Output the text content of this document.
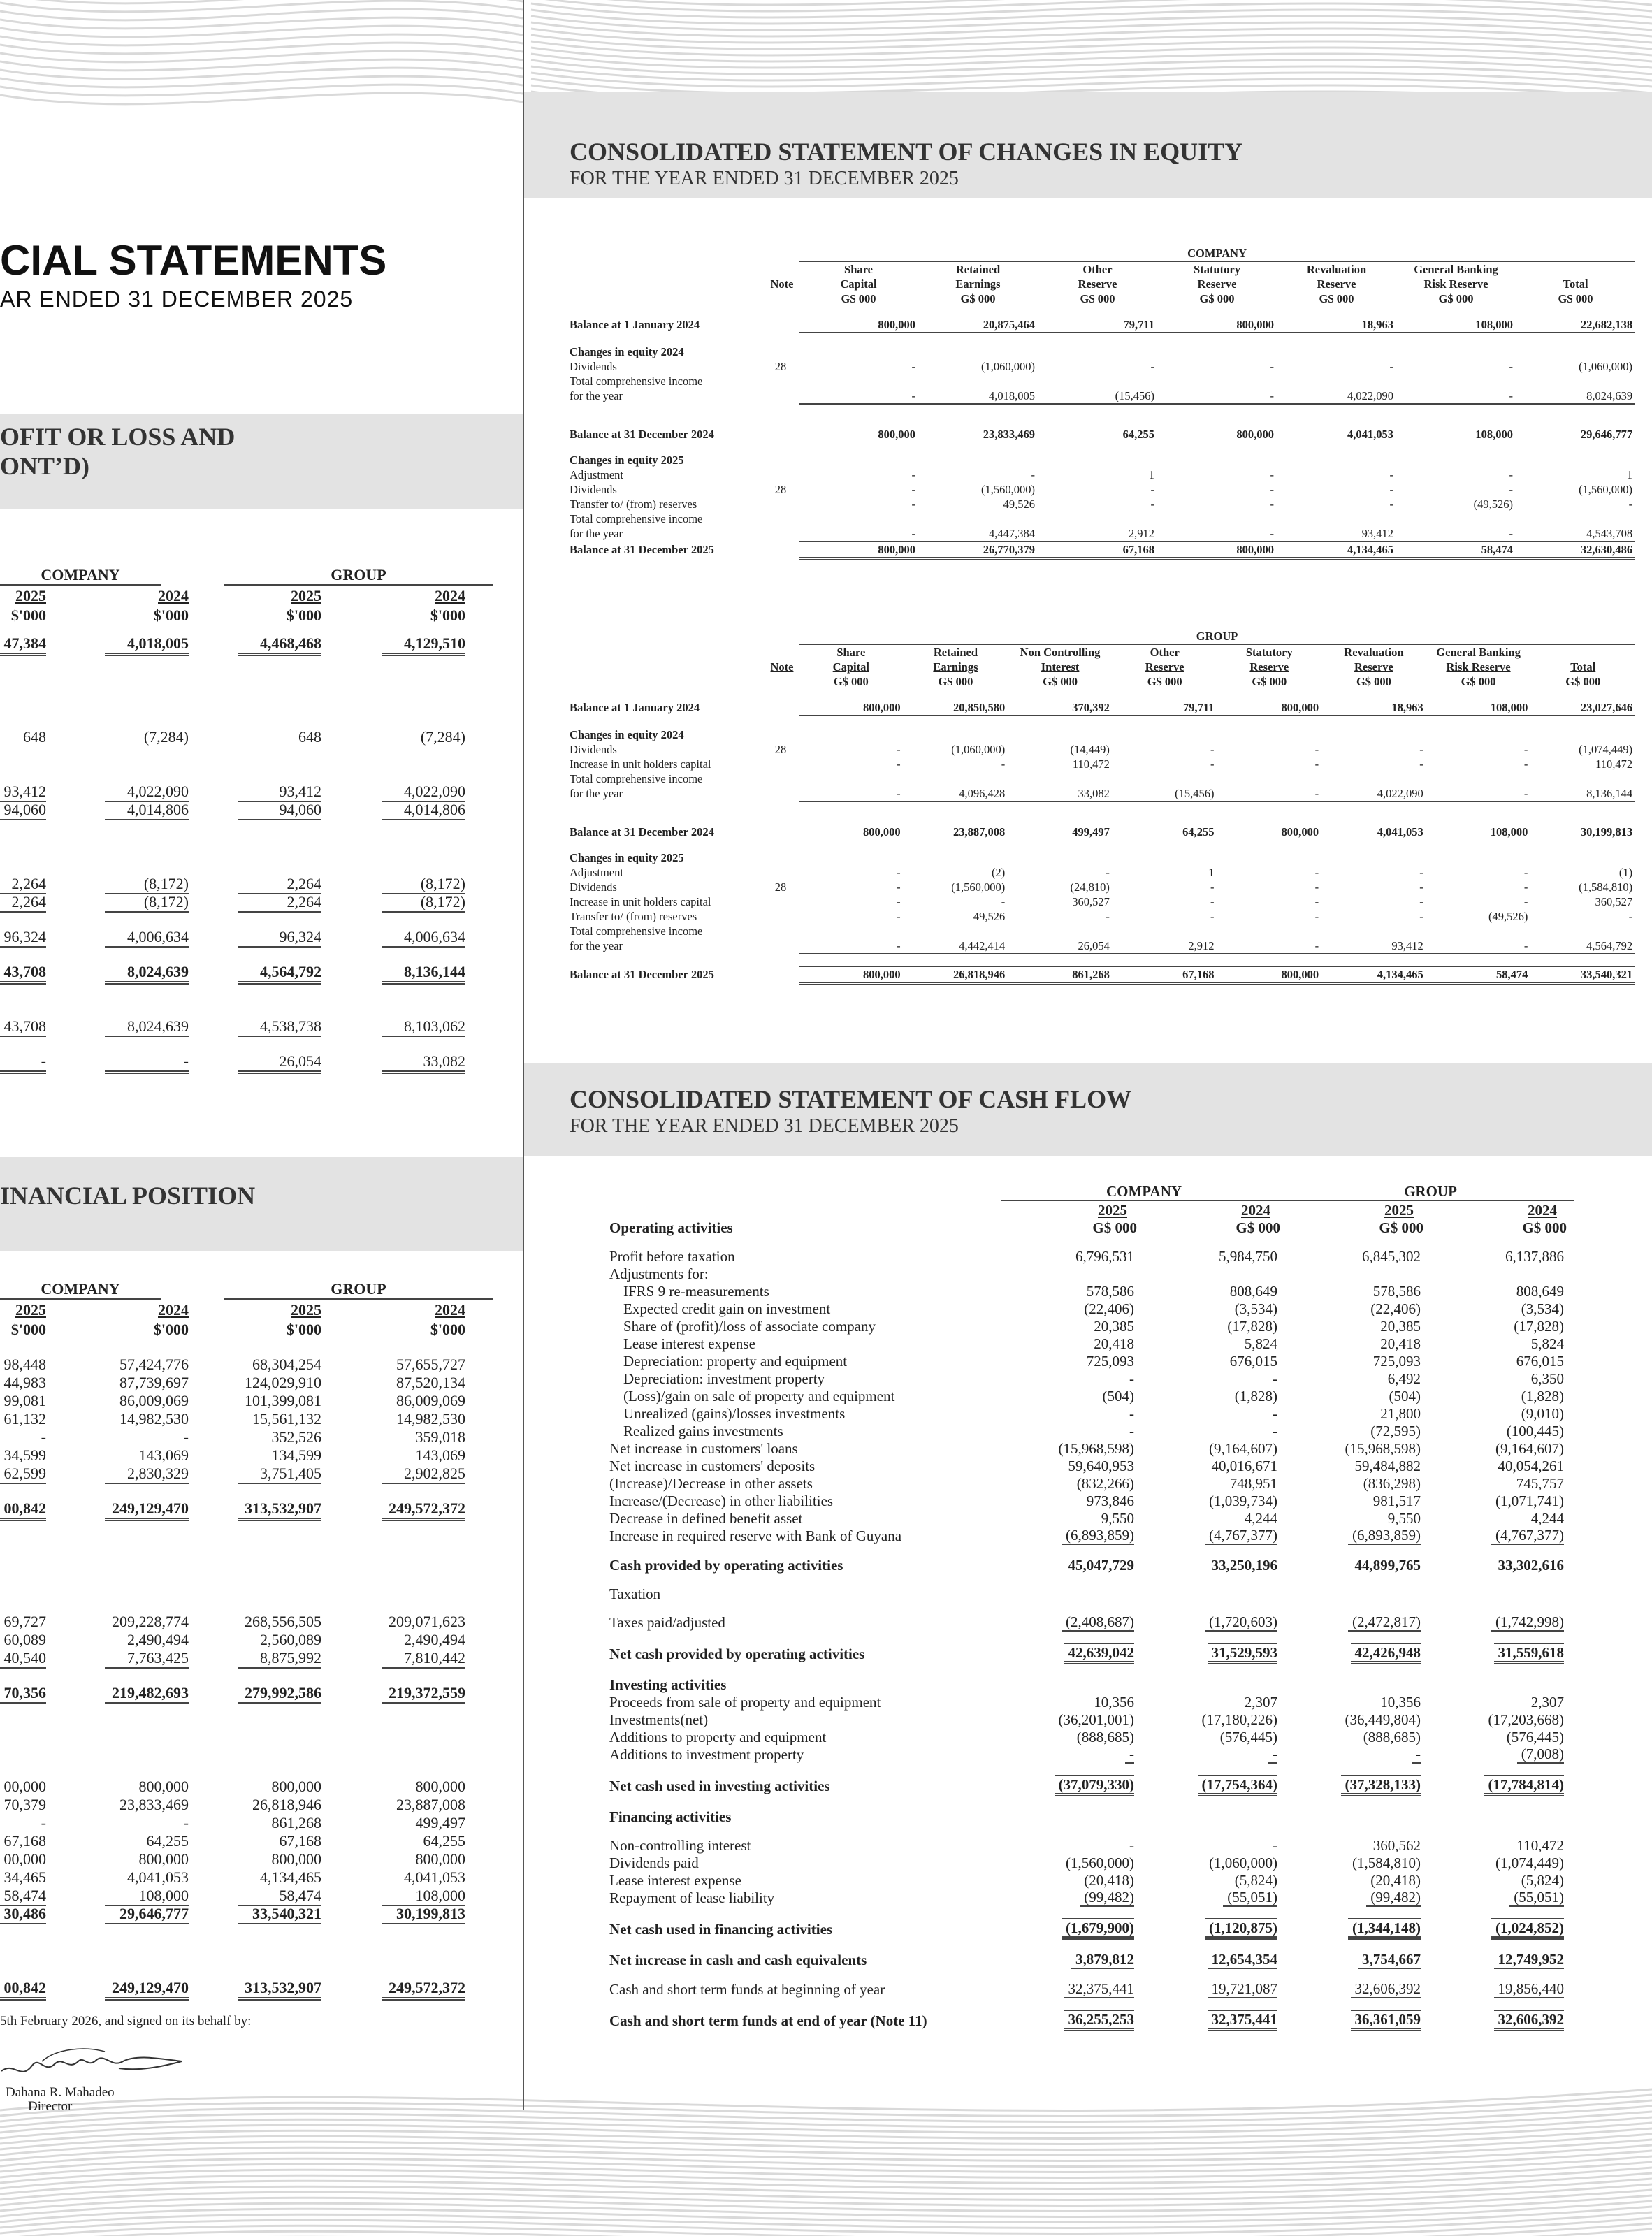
CIAL STATEMENTS
AR ENDED 31 DECEMBER 2025
OFIT OR LOSS AND
ONT’D)
INANCIAL POSITION
COMPANY	GROUP
2025	2024	2025	2024
$'000	$'000	$'000	$'000
47,384	4,018,005	4,468,468	4,129,510
648	(7,284)	648	(7,284)
93,412	4,022,090	93,412	4,022,090
94,060	4,014,806	94,060	4,014,806
2,264	(8,172)	2,264	(8,172)
2,264	(8,172)	2,264	(8,172)
96,324	4,006,634	96,324	4,006,634
43,708	8,024,639	4,564,792	8,136,144
43,708	8,024,639	4,538,738	8,103,062
-	-	26,054	33,082
COMPANY	GROUP
2025	2024	2025	2024
$'000	$'000	$'000	$'000
98,448	57,424,776	68,304,254	57,655,727
44,983	87,739,697	124,029,910	87,520,134
99,081	86,009,069	101,399,081	86,009,069
61,132	14,982,530	15,561,132	14,982,530
-	-	352,526	359,018
34,599	143,069	134,599	143,069
62,599	2,830,329	3,751,405	2,902,825
00,842	249,129,470	313,532,907	249,572,372
69,727	209,228,774	268,556,505	209,071,623
60,089	2,490,494	2,560,089	2,490,494
40,540	7,763,425	8,875,992	7,810,442
70,356	219,482,693	279,992,586	219,372,559
00,000	800,000	800,000	800,000
70,379	23,833,469	26,818,946	23,887,008
-	-	861,268	499,497
67,168	64,255	67,168	64,255
00,000	800,000	800,000	800,000
34,465	4,041,053	4,134,465	4,041,053
58,474	108,000	58,474	108,000
30,486	29,646,777	33,540,321	30,199,813
00,842	249,129,470	313,532,907	249,572,372
5th February 2026, and signed on its behalf by:
Dahana R. Mahadeo
Director
CONSOLIDATED STATEMENT OF CHANGES IN EQUITY
FOR THE YEAR ENDED 31 DECEMBER 2025
		COMPANY						
		Share	Retained	Other	Statutory	Revaluation	General Banking	
	Note	Capital	Earnings	Reserve	Reserve	Reserve	Risk Reserve	Total
		G$ 000	G$ 000	G$ 000	G$ 000	G$ 000	G$ 000	G$ 000

Balance at 1 January 2024		800,000	20,875,464	79,711	800,000	18,963	108,000	22,682,138

Changes in equity 2024								
Dividends	28	-	(1,060,000)	-	-	-	-	(1,060,000)
Total comprehensive income								
for the year		-	4,018,005	(15,456)	-	4,022,090	-	8,024,639

Balance at 31 December 2024		800,000	23,833,469	64,255	800,000	4,041,053	108,000	29,646,777

Changes in equity 2025								
Adjustment		-	-	1	-	-	-	1
Dividends	28	-	(1,560,000)	-	-	-	-	(1,560,000)
Transfer to/ (from) reserves		-	49,526	-	-	-	(49,526)	-
Total comprehensive income								
for the year		-	4,447,384	2,912	-	93,412	-	4,543,708
Balance at 31 December 2025		800,000	26,770,379	67,168	800,000	4,134,465	58,474	32,630,486
		GROUP							
		Share	Retained	Non Controlling	Other	Statutory	Revaluation	General Banking	
	Note	Capital	Earnings	Interest	Reserve	Reserve	Reserve	Risk Reserve	Total
		G$ 000	G$ 000	G$ 000	G$ 000	G$ 000	G$ 000	G$ 000	G$ 000

Balance at 1 January 2024		800,000	20,850,580	370,392	79,711	800,000	18,963	108,000	23,027,646

Changes in equity 2024									
Dividends	28	-	(1,060,000)	(14,449)	-	-	-	-	(1,074,449)
Increase in unit holders capital		-	-	110,472	-	-	-	-	110,472
Total comprehensive income									
for the year		-	4,096,428	33,082	(15,456)	-	4,022,090	-	8,136,144

Balance at 31 December 2024		800,000	23,887,008	499,497	64,255	800,000	4,041,053	108,000	30,199,813

Changes in equity 2025									
Adjustment		-	(2)	-	1	-	-	-	(1)
Dividends	28	-	(1,560,000)	(24,810)	-	-	-	-	(1,584,810)
Increase in unit holders capital		-	-	360,527	-	-	-	-	360,527
Transfer to/ (from) reserves		-	49,526	-	-	-	-	(49,526)	-
Total comprehensive income									
for the year		-	4,442,414	26,054	2,912	-	93,412	-	4,564,792

Balance at 31 December 2025		800,000	26,818,946	861,268	67,168	800,000	4,134,465	58,474	33,540,321
CONSOLIDATED STATEMENT OF CASH FLOW
FOR THE YEAR ENDED 31 DECEMBER 2025
	COMPANY		GROUP	
	2025	2024	2025	2024
Operating activities	G$ 000	G$ 000	G$ 000	G$ 000

Profit before taxation	6,796,531	5,984,750	6,845,302	6,137,886
Adjustments for:				
IFRS 9 re-measurements	578,586	808,649	578,586	808,649
Expected credit gain on investment	(22,406)	(3,534)	(22,406)	(3,534)
Share of (profit)/loss of associate company	20,385	(17,828)	20,385	(17,828)
Lease interest expense	20,418	5,824	20,418	5,824
Depreciation: property and equipment	725,093	676,015	725,093	676,015
Depreciation: investment property	-	-	6,492	6,350
(Loss)/gain on sale of property and equipment	(504)	(1,828)	(504)	(1,828)
Unrealized (gains)/losses investments	-	-	21,800	(9,010)
Realized gains investments	-	-	(72,595)	(100,445)
Net increase in customers' loans	(15,968,598)	(9,164,607)	(15,968,598)	(9,164,607)
Net increase in customers' deposits	59,640,953	40,016,671	59,484,882	40,054,261
(Increase)/Decrease in other assets	(832,266)	748,951	(836,298)	745,757
Increase/(Decrease) in other liabilities	973,846	(1,039,734)	981,517	(1,071,741)
Decrease in defined benefit asset	9,550	4,244	9,550	4,244
Increase in required reserve with Bank of Guyana	(6,893,859)	(4,767,377)	(6,893,859)	(4,767,377)

Cash provided by operating activities	45,047,729	33,250,196	44,899,765	33,302,616

Taxation				

Taxes paid/adjusted	(2,408,687)	(1,720,603)	(2,472,817)	(1,742,998)

Net cash provided by operating activities	42,639,042	31,529,593	42,426,948	31,559,618

Investing activities				
Proceeds from sale of property and equipment	10,356	2,307	10,356	2,307
Investments(net)	(36,201,001)	(17,180,226)	(36,449,804)	(17,203,668)
Additions to property and equipment	(888,685)	(576,445)	(888,685)	(576,445)
Additions to investment property	-	-	-	(7,008)

Net cash used in investing activities	(37,079,330)	(17,754,364)	(37,328,133)	(17,784,814)

Financing activities				

Non-controlling interest	-	-	360,562	110,472
Dividends paid	(1,560,000)	(1,060,000)	(1,584,810)	(1,074,449)
Lease interest expense	(20,418)	(5,824)	(20,418)	(5,824)
Repayment of lease liability	(99,482)	(55,051)	(99,482)	(55,051)

Net cash used in financing activities	(1,679,900)	(1,120,875)	(1,344,148)	(1,024,852)

Net increase in cash and cash equivalents	3,879,812	12,654,354	3,754,667	12,749,952

Cash and short term funds at beginning of year	32,375,441	19,721,087	32,606,392	19,856,440

Cash and short term funds at end of year (Note 11)	36,255,253	32,375,441	36,361,059	32,606,392
